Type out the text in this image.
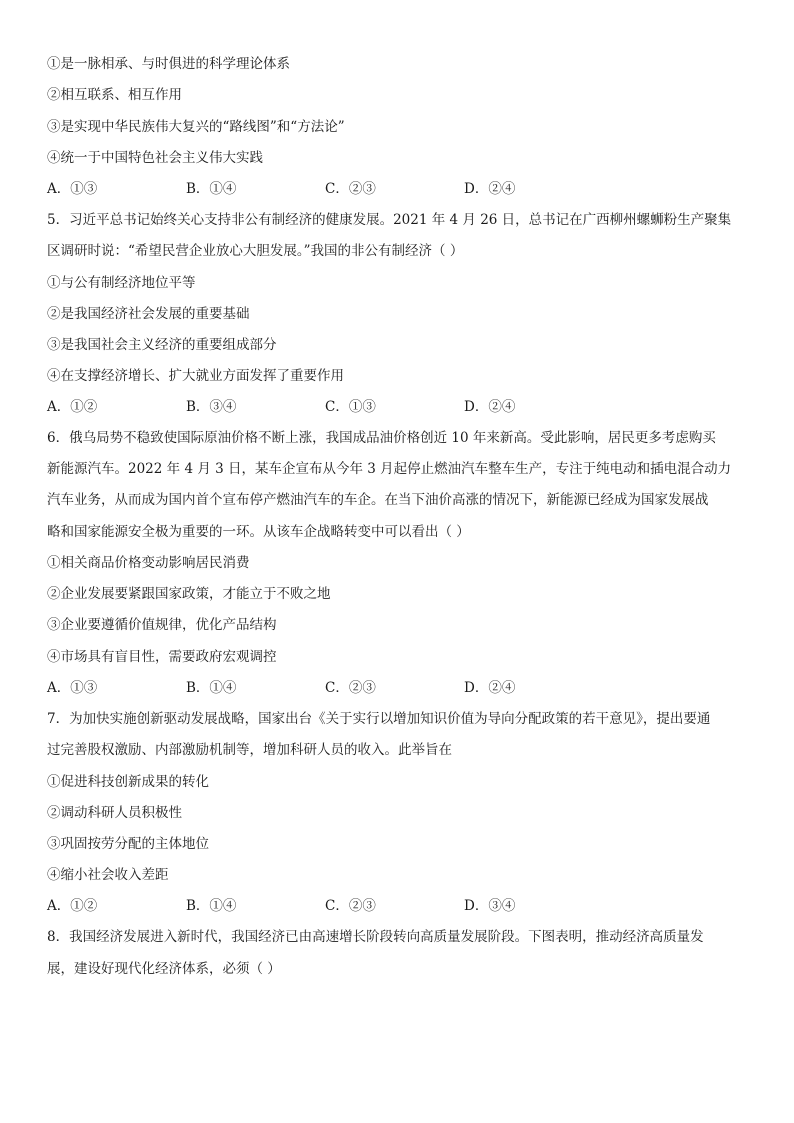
①是一脉相承、与时俱进的科学理论体系
②相互联系、相互作用
③是实现中华民族伟大复兴的“路线图”和“方法论”
④统一于中国特色社会主义伟大实践
A．①③	B．①④	C．②③	D．②④
5．习近平总书记始终关心支持非公有制经济的健康发展。2021 年 4 月 26 日，总书记在广西柳州螺蛳粉生产聚集
区调研时说：“希望民营企业放心大胆发展。”我国的非公有制经济（ ）
①与公有制经济地位平等
②是我国经济社会发展的重要基础
③是我国社会主义经济的重要组成部分
④在支撑经济增长、扩大就业方面发挥了重要作用
A．①②	B．③④	C．①③	D．②④
6．俄乌局势不稳致使国际原油价格不断上涨，我国成品油价格创近 10 年来新高。受此影响，居民更多考虑购买
新能源汽车。2022 年 4 月 3 日，某车企宣布从今年 3 月起停止燃油汽车整车生产，专注于纯电动和插电混合动力
汽车业务，从而成为国内首个宣布停产燃油汽车的车企。在当下油价高涨的情况下，新能源已经成为国家发展战
略和国家能源安全极为重要的一环。从该车企战略转变中可以看出（ ）
①相关商品价格变动影响居民消费
②企业发展要紧跟国家政策，才能立于不败之地
③企业要遵循价值规律，优化产品结构
④市场具有盲目性，需要政府宏观调控
A．①③	B．①④	C．②③	D．②④
7．为加快实施创新驱动发展战略，国家出台《关于实行以增加知识价值为导向分配政策的若干意见》，提出要通
过完善股权激励、内部激励机制等，增加科研人员的收入。此举旨在
①促进科技创新成果的转化
②调动科研人员积极性
③巩固按劳分配的主体地位
④缩小社会收入差距
A．①②	B．①④	C．②③	D．③④
8．我国经济发展进入新时代，我国经济已由高速增长阶段转向高质量发展阶段。下图表明，推动经济高质量发
展，建设好现代化经济体系，必须（ ）
